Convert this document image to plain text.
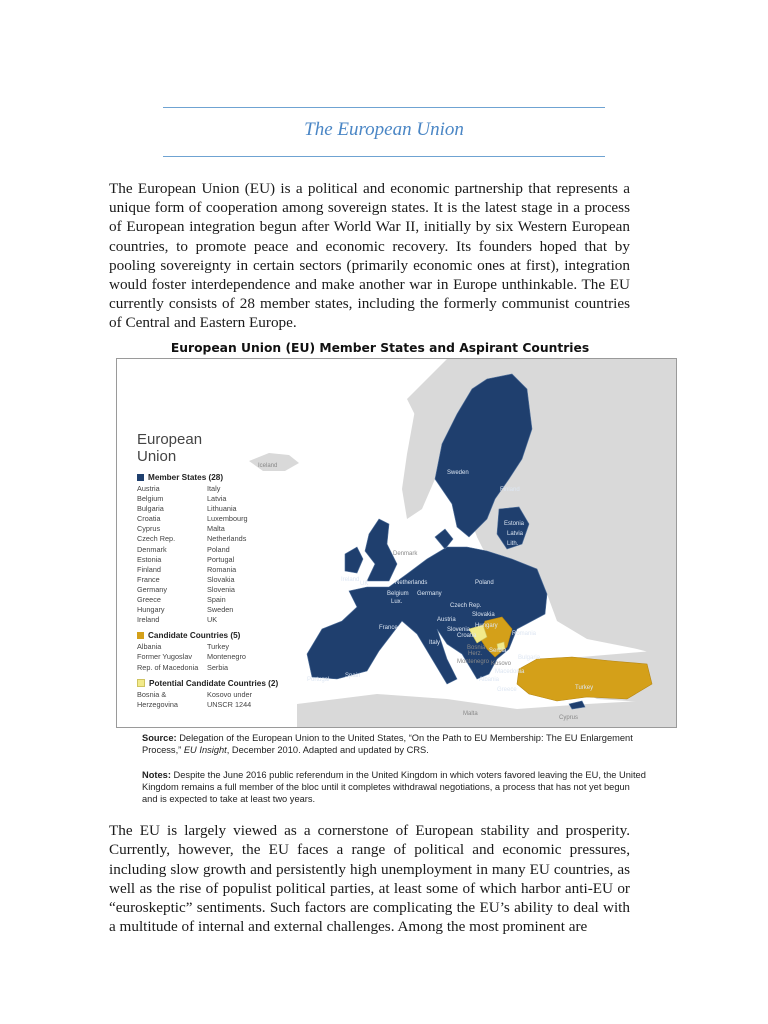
The European Union

The European Union (EU) is a political and economic partnership that represents a unique form of cooperation among sovereign states. It is the latest stage in a process of European integration begun after World War II, initially by six Western European countries, to promote peace and economic recovery. Its founders hoped that by pooling sovereignty in certain sectors (primarily economic ones at first), integration would foster interdependence and make another war in Europe unthinkable. The EU currently consists of 28 member states, including the formerly communist countries of Central and Eastern Europe.

European Union (EU) Member States and Aspirant Countries
Iceland
Sweden
Finland
Estonia
Latvia
Lith.
Denmark
Ireland
UK	Netherlands
Germany
Belgium
Lux.
Poland
Czech Rep.
Slovakia
Austria
Hungary
Slovenia
Croatia	Romania
France
Italy
Bosnia
Herz. Serbia
Montenegro Kosovo
Bulgaria
Macedonia
Albania
Greece	Turkey
Cyprus
Malta
Spain
Portugal
European
Union
Member States (28)
Austria	Italy
Belgium	Latvia
Bulgaria	Lithuania
Croatia	Luxembourg
Cyprus	Malta
Czech Rep.	Netherlands
Denmark	Poland
Estonia	Portugal
Finland	Romania
France	Slovakia
Germany	Slovenia
Greece	Spain
Hungary	Sweden
Ireland	UK
Candidate Countries (5)
Albania	Turkey
Former Yugoslav	Montenegro
Rep. of Macedonia	Serbia
Potential Candidate Countries (2)
Bosnia &	Kosovo under
Herzegovina	UNSCR 1244
Source: Delegation of the European Union to the United States, “On the Path to EU Membership: The EU Enlargement Process,” EU Insight, December 2010. Adapted and updated by CRS.
Notes: Despite the June 2016 public referendum in the United Kingdom in which voters favored leaving the EU, the United Kingdom remains a full member of the bloc until it completes withdrawal negotiations, a process that has not yet begun and is expected to take at least two years.

The EU is largely viewed as a cornerstone of European stability and prosperity. Currently, however, the EU faces a range of political and economic pressures, including slow growth and persistently high unemployment in many EU countries, as well as the rise of populist political parties, at least some of which harbor anti-EU or “euroskeptic” sentiments. Such factors are complicating the EU’s ability to deal with a multitude of internal and external challenges. Among the most prominent are
